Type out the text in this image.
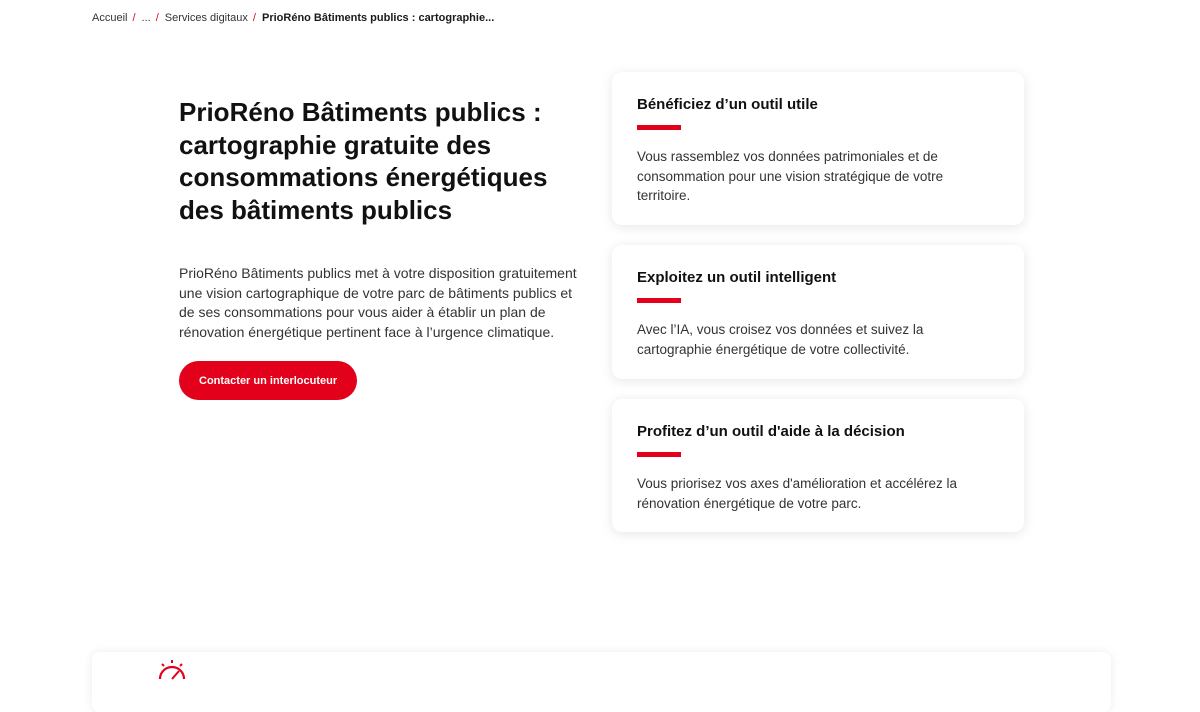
Accueil / ... / Services digitaux / PrioRéno Bâtiments publics : cartographie...
PrioRéno Bâtiments publics : cartographie gratuite des consommations énergétiques des bâtiments publics

PrioRéno Bâtiments publics met à votre disposition gratuitement une vision cartographique de votre parc de bâtiments publics et de ses consommations pour vous aider à établir un plan de rénovation énergétique pertinent face à l’urgence climatique.

Contacter un interlocuteur
Bénéficiez d’un outil utile

Vous rassemblez vos données patrimoniales et de consommation pour une vision stratégique de votre territoire.

Exploitez un outil intelligent

Avec l’IA, vous croisez vos données et suivez la cartographie énergétique de votre collectivité.

Profitez d’un outil d'aide à la décision

Vous priorisez vos axes d'amélioration et accélérez la rénovation énergétique de votre parc.
